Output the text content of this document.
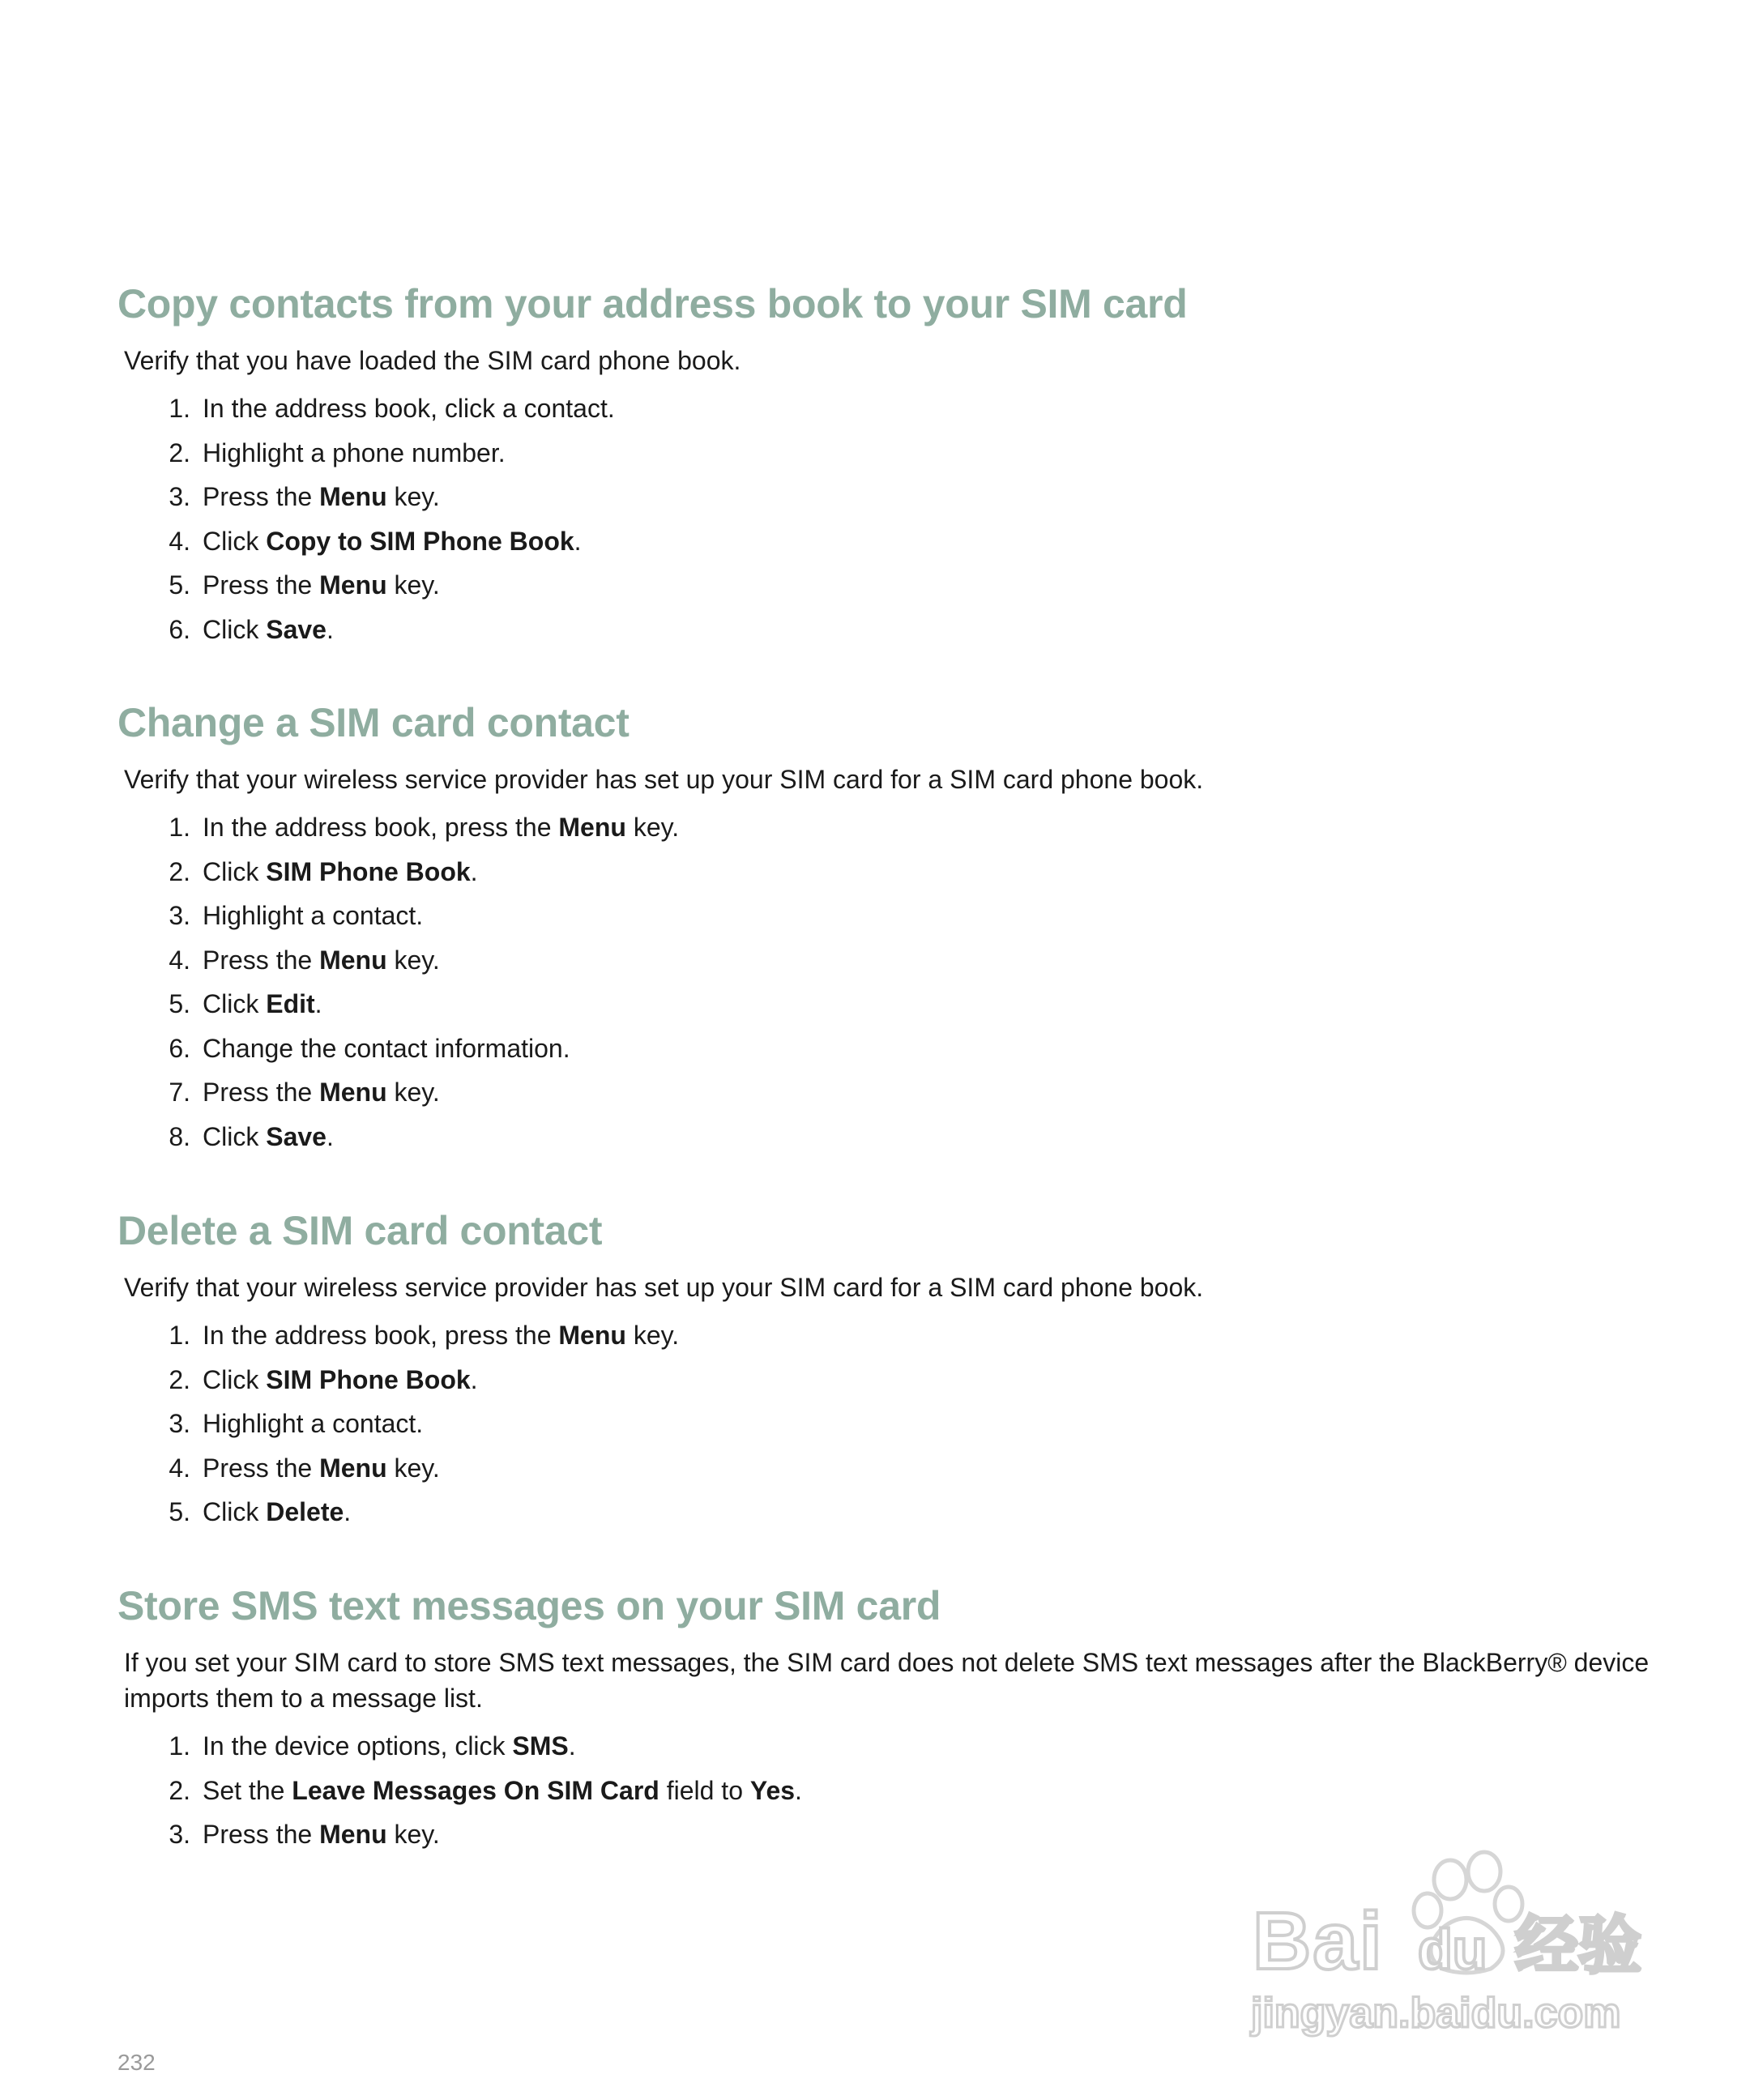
Copy contacts from your address book to your SIM card

Verify that you have loaded the SIM card phone book.

1. In the address book, click a contact.
2. Highlight a phone number.
3. Press the Menu key.
4. Click Copy to SIM Phone Book.
5. Press the Menu key.
6. Click Save.
Change a SIM card contact

Verify that your wireless service provider has set up your SIM card for a SIM card phone book.

1. In the address book, press the Menu key.
2. Click SIM Phone Book.
3. Highlight a contact.
4. Press the Menu key.
5. Click Edit.
6. Change the contact information.
7. Press the Menu key.
8. Click Save.
Delete a SIM card contact

Verify that your wireless service provider has set up your SIM card for a SIM card phone book.

1. In the address book, press the Menu key.
2. Click SIM Phone Book.
3. Highlight a contact.
4. Press the Menu key.
5. Click Delete.
Store SMS text messages on your SIM card

If you set your SIM card to store SMS text messages, the SIM card does not delete SMS text messages after the BlackBerry® device imports them to a message list.

1. In the device options, click SMS.
2. Set the Leave Messages On SIM Card field to Yes.
3. Press the Menu key.
Bai du 经验
jingyan.baidu.com
232
